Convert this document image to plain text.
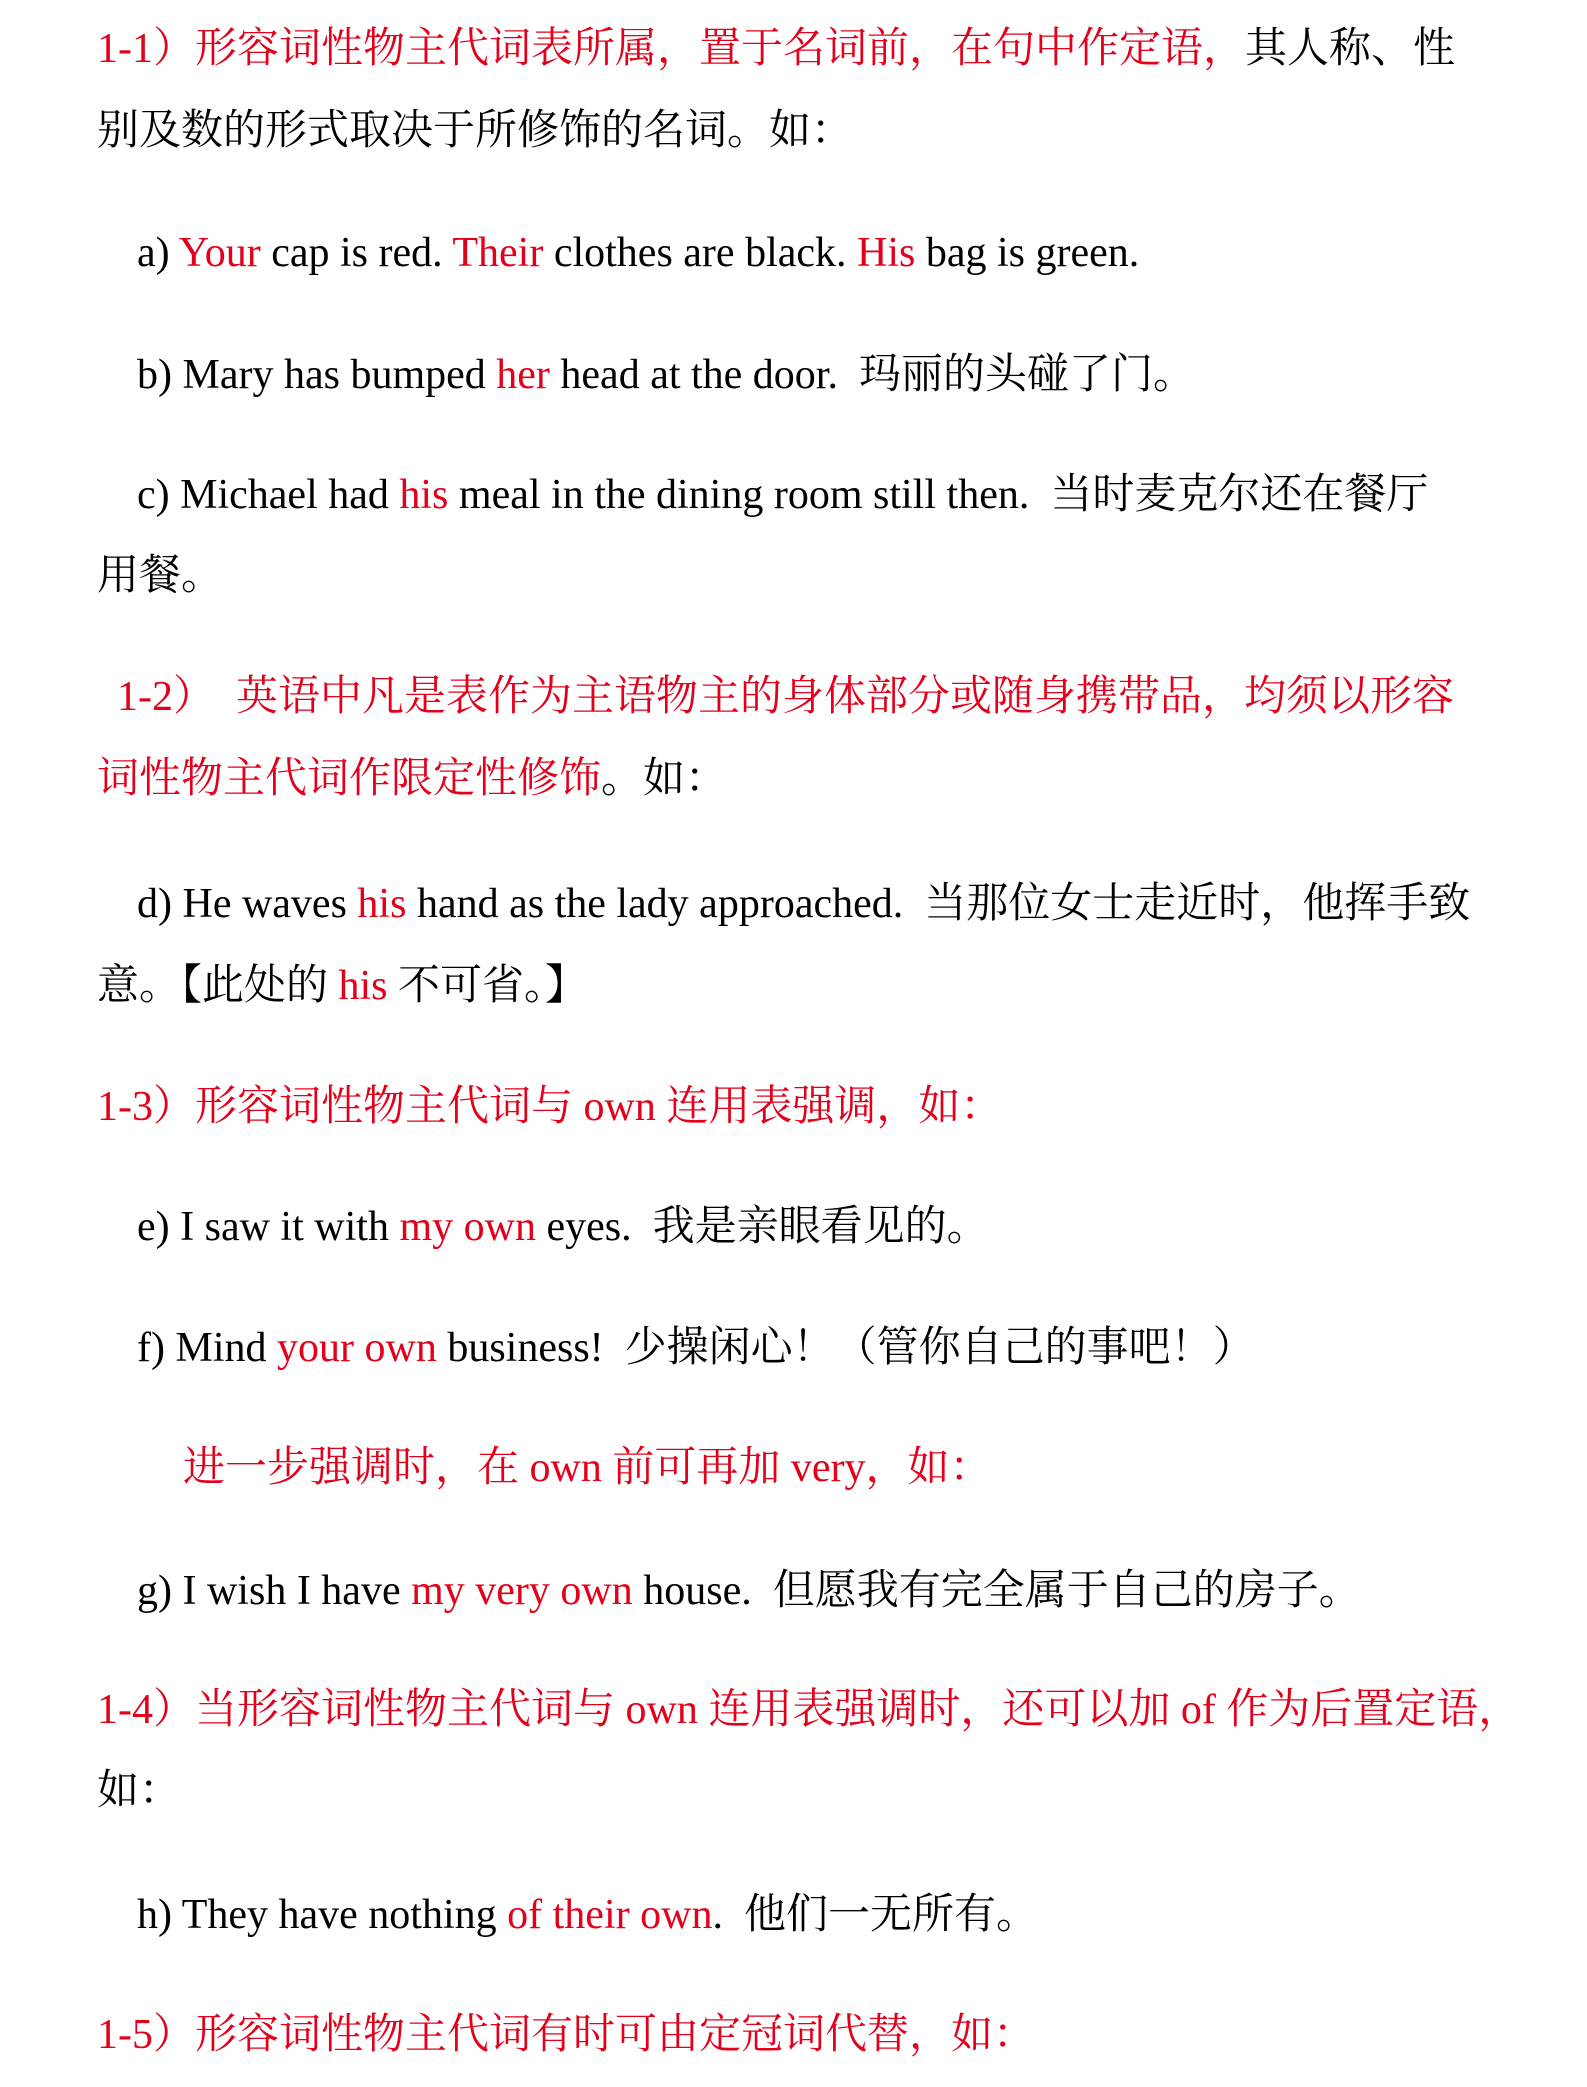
1-1）形容词性物主代词表所属，置于名词前，在句中作定语，其人称、性
别及数的形式取决于所修饰的名词。如：
a) Your cap is red. Their clothes are black. His bag is green.
b) Mary has bumped her head at the door.  玛丽的头碰了门。
c) Michael had his meal in the dining room still then.  当时麦克尔还在餐厅
用餐。
1-2）  英语中凡是表作为主语物主的身体部分或随身携带品，均须以形容
词性物主代词作限定性修饰。如：
d) He waves his hand as the lady approached.  当那位女士走近时，他挥手致
意。【此处的 his 不可省。】
1-3）形容词性物主代词与 own 连用表强调，如：
e) I saw it with my own eyes.  我是亲眼看见的。
f) Mind your own business!  少操闲心！（管你自己的事吧！）
进一步强调时，在 own 前可再加 very，如：
g) I wish I have my very own house.  但愿我有完全属于自己的房子。
1-4）当形容词性物主代词与 own 连用表强调时，还可以加 of 作为后置定语，
如：
h) They have nothing of their own.  他们一无所有。
1-5）形容词性物主代词有时可由定冠词代替，如：
